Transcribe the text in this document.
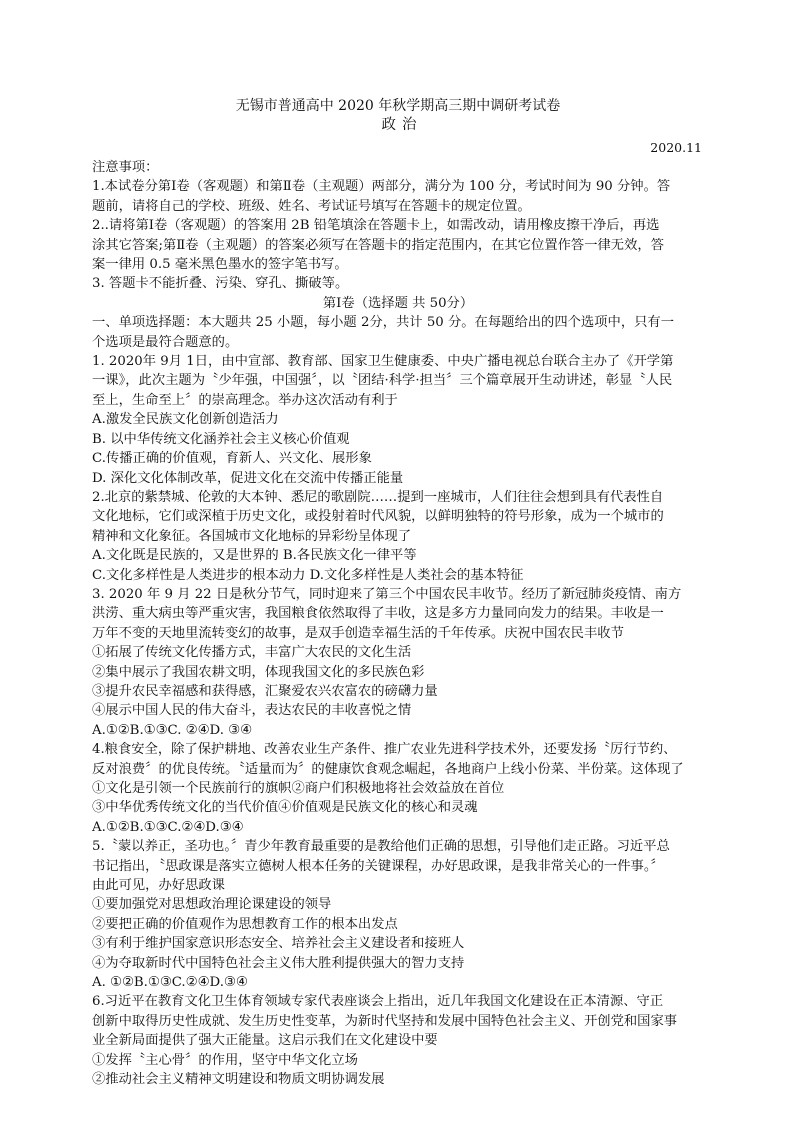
无锡市普通高中 2020 年秋学期高三期中调研考试卷
政治
2020.11
注意事项：
1.本试卷分第Ⅰ卷（客观题）和第Ⅱ卷（主观题）两部分，满分为 100 分，考试时间为 90 分钟。答
题前，请将自己的学校、班级、姓名、考试证号填写在答题卡的规定位置。
2..请将第Ⅰ卷（客观题）的答案用 2B 铅笔填涂在答题卡上，如需改动，请用橡皮擦干净后，再选
涂其它答案;第Ⅱ卷（主观题）的答案必须写在答题卡的指定范围内，在其它位置作答一律无效，答
案一律用 0.5 毫米黑色墨水的签字笔书写。
3. 答题卡不能折叠、污染、穿孔、撕破等。
第Ⅰ卷（选择题 共 50分）
一、单项选择题：本大题共 25 小题，每小题 2分，共计 50 分。在每题给出的四个选项中，只有一
个选项是最符合题意的。
1. 2020年 9月 1日，由中宣部、教育部、国家卫生健康委、中央广播电视总台联合主办了《开学第
一课》，此次主题为〝少年强，中国强〞，以〝团结·科学·担当〞三个篇章展开生动讲述，彰显〝人民
至上，生命至上〞的崇高理念。举办这次活动有利于
A.激发全民族文化创新创造活力
B. 以中华传统文化涵养社会主义核心价值观
C.传播正确的价值观，育新人、兴文化、展形象
D. 深化文化体制改革，促进文化在交流中传播正能量
2.北京的紫禁城、伦敦的大本钟、悉尼的歌剧院……提到一座城市，人们往往会想到具有代表性自
文化地标，它们或深植于历史文化，或投射着时代风貌，以鲜明独特的符号形象，成为一个城市的
精神和文化象征。各国城市文化地标的异彩纷呈体现了
A.文化既是民族的，又是世界的 B.各民族文化一律平等
C.文化多样性是人类进步的根本动力 D.文化多样性是人类社会的基本特征
3. 2020 年 9 月 22 日是秋分节气，同时迎来了第三个中国农民丰收节。经历了新冠肺炎疫情、南方
洪涝、重大病虫等严重灾害，我国粮食依然取得了丰收，这是多方力量同向发力的结果。丰收是一
万年不变的天地里流转变幻的故事，是双手创造幸福生活的千年传承。庆祝中国农民丰收节
①拓展了传统文化传播方式，丰富广大农民的文化生活
②集中展示了我国农耕文明，体现我国文化的多民族色彩
③提升农民幸福感和获得感，汇聚爱农兴农富农的磅礴力量
④展示中国人民的伟大奋斗，表达农民的丰收喜悦之情
A.①②B.①③C. ②④D. ③④
4.粮食安全，除了保护耕地、改善农业生产条件、推广农业先进科学技术外，还要发扬〝厉行节约、
反对浪费〞的优良传统。〝适量而为〞的健康饮食观念崛起，各地商户上线小份菜、半份菜。这体现了
①文化是引领一个民族前行的旗帜②商户们积极地将社会效益放在首位
③中华优秀传统文化的当代价值④价值观是民族文化的核心和灵魂
A.①②B.①③C.②④D.③④
5.〝蒙以养正，圣功也。〞青少年教育最重要的是教给他们正确的思想，引导他们走正路。习近平总
书记指出，〝思政课是落实立德树人根本任务的关键课程，办好思政课，是我非常关心的一件事。〞
由此可见，办好思政课
①要加强党对思想政治理论课建设的领导
②要把正确的价值观作为思想教育工作的根本出发点
③有利于维护国家意识形态安全、培养社会主义建设者和接班人
④为夺取新时代中国特色社会主义伟大胜利提供强大的智力支持
A. ①②B.①③C.②④D.③④
6.习近平在教育文化卫生体育领域专家代表座谈会上指出，近几年我国文化建设在正本清源、守正
创新中取得历史性成就、发生历史性变革，为新时代坚持和发展中国特色社会主义、开创党和国家事
业全新局面提供了强大正能量。这启示我们在文化建设中要
①发挥〝主心骨〞的作用，坚守中华文化立场
②推动社会主义精神文明建设和物质文明协调发展
